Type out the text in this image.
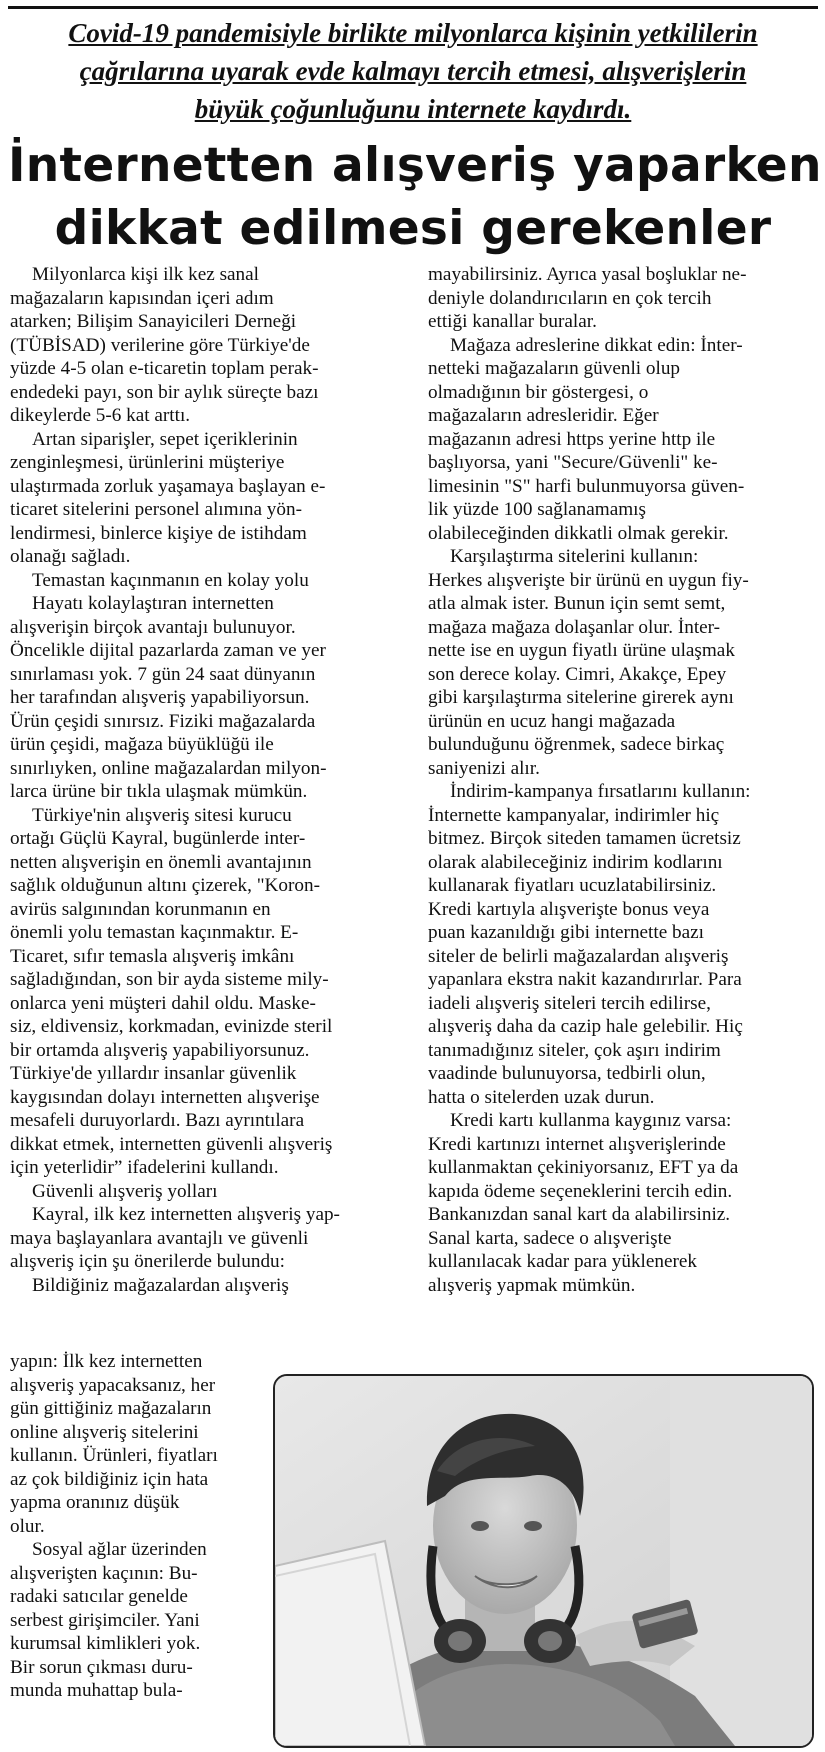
Covid-19 pandemisiyle birlikte milyonlarca kişinin yetkililerin
çağrılarına uyarak evde kalmayı tercih etmesi, alışverişlerin
büyük çoğunluğunu internete kaydırdı.
İnternetten alışveriş yaparken
dikkat edilmesi gerekenler
Milyonlarca kişi ilk kez sanal
mağazaların kapısından içeri adım
atarken; Bilişim Sanayicileri Derneği
(TÜBİSAD) verilerine göre Türkiye'de
yüzde 4-5 olan e-ticaretin toplam perak-
endedeki payı, son bir aylık süreçte bazı
dikeylerde 5-6 kat arttı.
Artan siparişler, sepet içeriklerinin
zenginleşmesi, ürünlerini müşteriye
ulaştırmada zorluk yaşamaya başlayan e-
ticaret sitelerini personel alımına yön-
lendirmesi, binlerce kişiye de istihdam
olanağı sağladı.
Temastan kaçınmanın en kolay yolu
Hayatı kolaylaştıran internetten
alışverişin birçok avantajı bulunuyor.
Öncelikle dijital pazarlarda zaman ve yer
sınırlaması yok. 7 gün 24 saat dünyanın
her tarafından alışveriş yapabiliyorsun.
Ürün çeşidi sınırsız. Fiziki mağazalarda
ürün çeşidi, mağaza büyüklüğü ile
sınırlıyken, online mağazalardan milyon-
larca ürüne bir tıkla ulaşmak mümkün.
Türkiye'nin alışveriş sitesi kurucu
ortağı Güçlü Kayral, bugünlerde inter-
netten alışverişin en önemli avantajının
sağlık olduğunun altını çizerek, "Koron-
avirüs salgınından korunmanın en
önemli yolu temastan kaçınmaktır. E-
Ticaret, sıfır temasla alışveriş imkânı
sağladığından, son bir ayda sisteme mily-
onlarca yeni müşteri dahil oldu. Maske-
siz, eldivensiz, korkmadan, evinizde steril
bir ortamda alışveriş yapabiliyorsunuz.
Türkiye'de yıllardır insanlar güvenlik
kaygısından dolayı internetten alışverişe
mesafeli duruyorlardı. Bazı ayrıntılara
dikkat etmek, internetten güvenli alışveriş
için yeterlidir” ifadelerini kullandı.
Güvenli alışveriş yolları
Kayral, ilk kez internetten alışveriş yap-
maya başlayanlara avantajlı ve güvenli
alışveriş için şu önerilerde bulundu:
Bildiğiniz mağazalardan alışveriş
yapın: İlk kez internetten
alışveriş yapacaksanız, her
gün gittiğiniz mağazaların
online alışveriş sitelerini
kullanın. Ürünleri, fiyatları
az çok bildiğiniz için hata
yapma oranınız düşük
olur.
Sosyal ağlar üzerinden
alışverişten kaçının: Bu-
radaki satıcılar genelde
serbest girişimciler. Yani
kurumsal kimlikleri yok.
Bir sorun çıkması duru-
munda muhattap bula-
mayabilirsiniz. Ayrıca yasal boşluklar ne-
deniyle dolandırıcıların en çok tercih
ettiği kanallar buralar.
Mağaza adreslerine dikkat edin: İnter-
netteki mağazaların güvenli olup
olmadığının bir göstergesi, o
mağazaların adresleridir. Eğer
mağazanın adresi https yerine http ile
başlıyorsa, yani "Secure/Güvenli" ke-
limesinin "S" harfi bulunmuyorsa güven-
lik yüzde 100 sağlanamamış
olabileceğinden dikkatli olmak gerekir.
Karşılaştırma sitelerini kullanın:
Herkes alışverişte bir ürünü en uygun fiy-
atla almak ister. Bunun için semt semt,
mağaza mağaza dolaşanlar olur. İnter-
nette ise en uygun fiyatlı ürüne ulaşmak
son derece kolay. Cimri, Akakçe, Epey
gibi karşılaştırma sitelerine girerek aynı
ürünün en ucuz hangi mağazada
bulunduğunu öğrenmek, sadece birkaç
saniyenizi alır.
İndirim-kampanya fırsatlarını kullanın:
İnternette kampanyalar, indirimler hiç
bitmez. Birçok siteden tamamen ücretsiz
olarak alabileceğiniz indirim kodlarını
kullanarak fiyatları ucuzlatabilirsiniz.
Kredi kartıyla alışverişte bonus veya
puan kazanıldığı gibi internette bazı
siteler de belirli mağazalardan alışveriş
yapanlara ekstra nakit kazandırırlar. Para
iadeli alışveriş siteleri tercih edilirse,
alışveriş daha da cazip hale gelebilir. Hiç
tanımadığınız siteler, çok aşırı indirim
vaadinde bulunuyorsa, tedbirli olun,
hatta o sitelerden uzak durun.
Kredi kartı kullanma kaygınız varsa:
Kredi kartınızı internet alışverişlerinde
kullanmaktan çekiniyorsanız, EFT ya da
kapıda ödeme seçeneklerini tercih edin.
Bankanızdan sanal kart da alabilirsiniz.
Sanal karta, sadece o alışverişte
kullanılacak kadar para yüklenerek
alışveriş yapmak mümkün.
